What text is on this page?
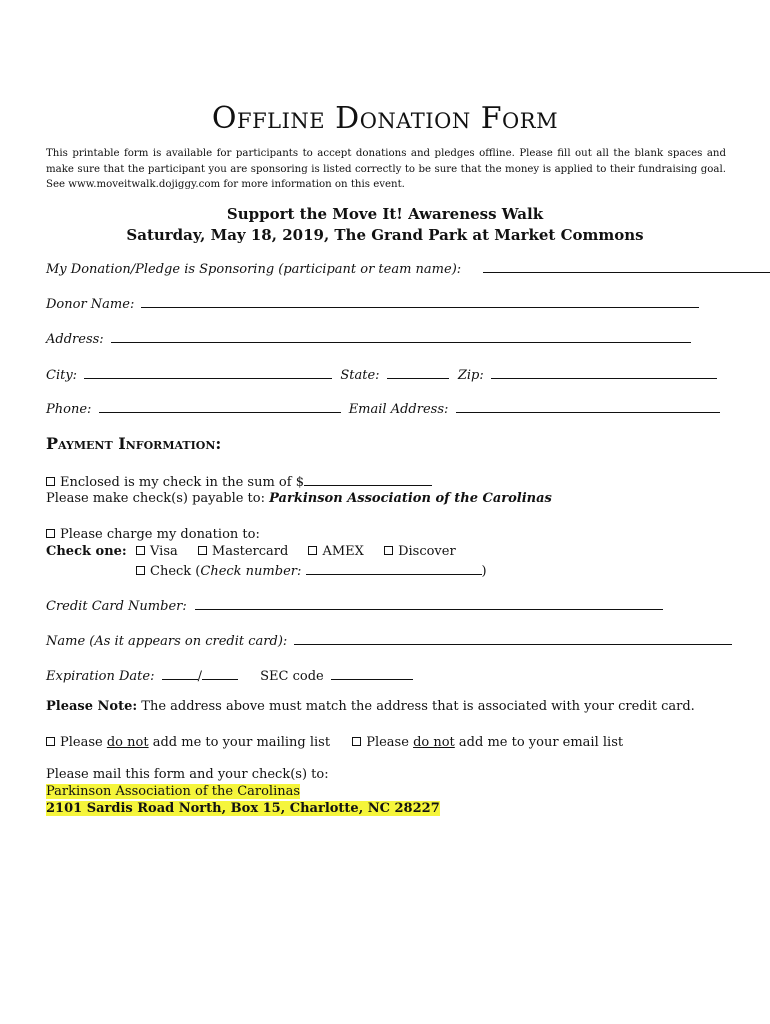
Offline Donation Form
This printable form is available for participants to accept donations and pledges offline. Please fill out all the blank spaces and make sure that the participant you are sponsoring is listed correctly to be sure that the money is applied to their fundraising goal. See www.moveitwalk.dojiggy.com for more information on this event.
Support the Move It! Awareness Walk
Saturday, May 18, 2019, The Grand Park at Market Commons
My Donation/Pledge is Sponsoring (participant or team name):
Donor Name:
Address:
City:	State:	Zip:
Phone:	Email Address:
Payment Information:
Enclosed is my check in the sum of $
Please make check(s) payable to: Parkinson Association of the Carolinas
Please charge my donation to:
Check one: Visa	Mastercard	AMEX	Discover
Check (Check number:	)
Credit Card Number:
Name (As it appears on credit card):
Expiration Date:	/	SEC code
Please Note: The address above must match the address that is associated with your credit card.
Please do not add me to your mailing list	Please do not add me to your email list
Please mail this form and your check(s) to:
Parkinson Association of the Carolinas
2101 Sardis Road North, Box 15, Charlotte, NC 28227
